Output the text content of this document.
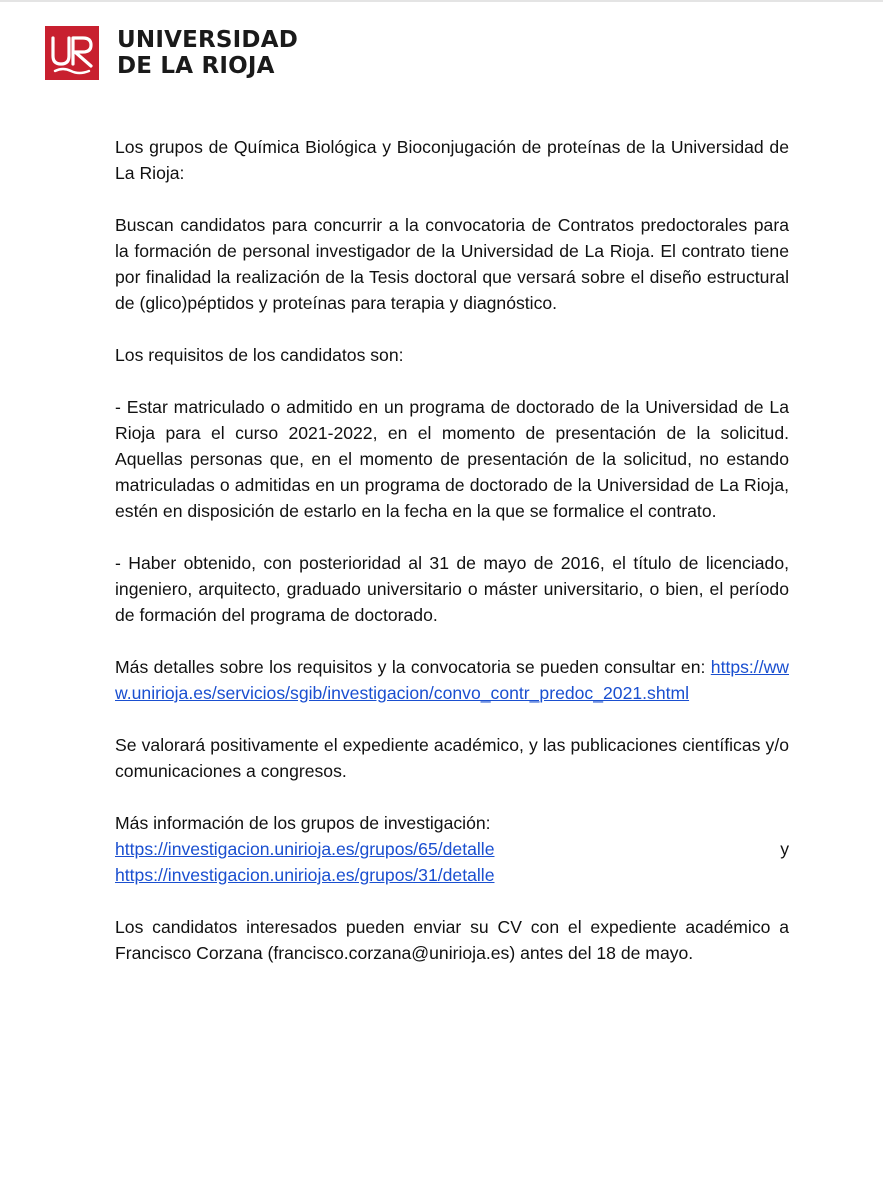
UNIVERSIDAD
DE LA RIOJA

Los grupos de Química Biológica y Bioconjugación de proteínas de la Universidad de La Rioja:

Buscan candidatos para concurrir a la convocatoria de Contratos predoctorales para la formación de personal investigador de la Universidad de La Rioja. El contrato tiene por finalidad la realización de la Tesis doctoral que versará sobre el diseño estructural de (glico)péptidos y proteínas para terapia y diagnóstico.

Los requisitos de los candidatos son:

- Estar matriculado o admitido en un programa de doctorado de la Universidad de La Rioja para el curso 2021-2022, en el momento de presentación de la solicitud. Aquellas personas que, en el momento de presentación de la solicitud, no estando matriculadas o admitidas en un programa de doctorado de la Universidad de La Rioja, estén en disposición de estarlo en la fecha en la que se formalice el contrato.

- Haber obtenido, con posterioridad al 31 de mayo de 2016, el título de licenciado, ingeniero, arquitecto, graduado universitario o máster universitario, o bien, el período de formación del programa de doctorado.

Más detalles sobre los requisitos y la convocatoria se pueden consultar en: https://www.unirioja.es/servicios/sgib/investigacion/convo_contr_predoc_2021.shtml

Se valorará positivamente el expediente académico, y las publicaciones científicas y/o comunicaciones a congresos.

Más información de los grupos de investigación:

https://investigacion.unirioja.es/grupos/65/detalle	y
https://investigacion.unirioja.es/grupos/31/detalle

Los candidatos interesados pueden enviar su CV con el expediente académico a Francisco Corzana (francisco.corzana@unirioja.es) antes del 18 de mayo.
